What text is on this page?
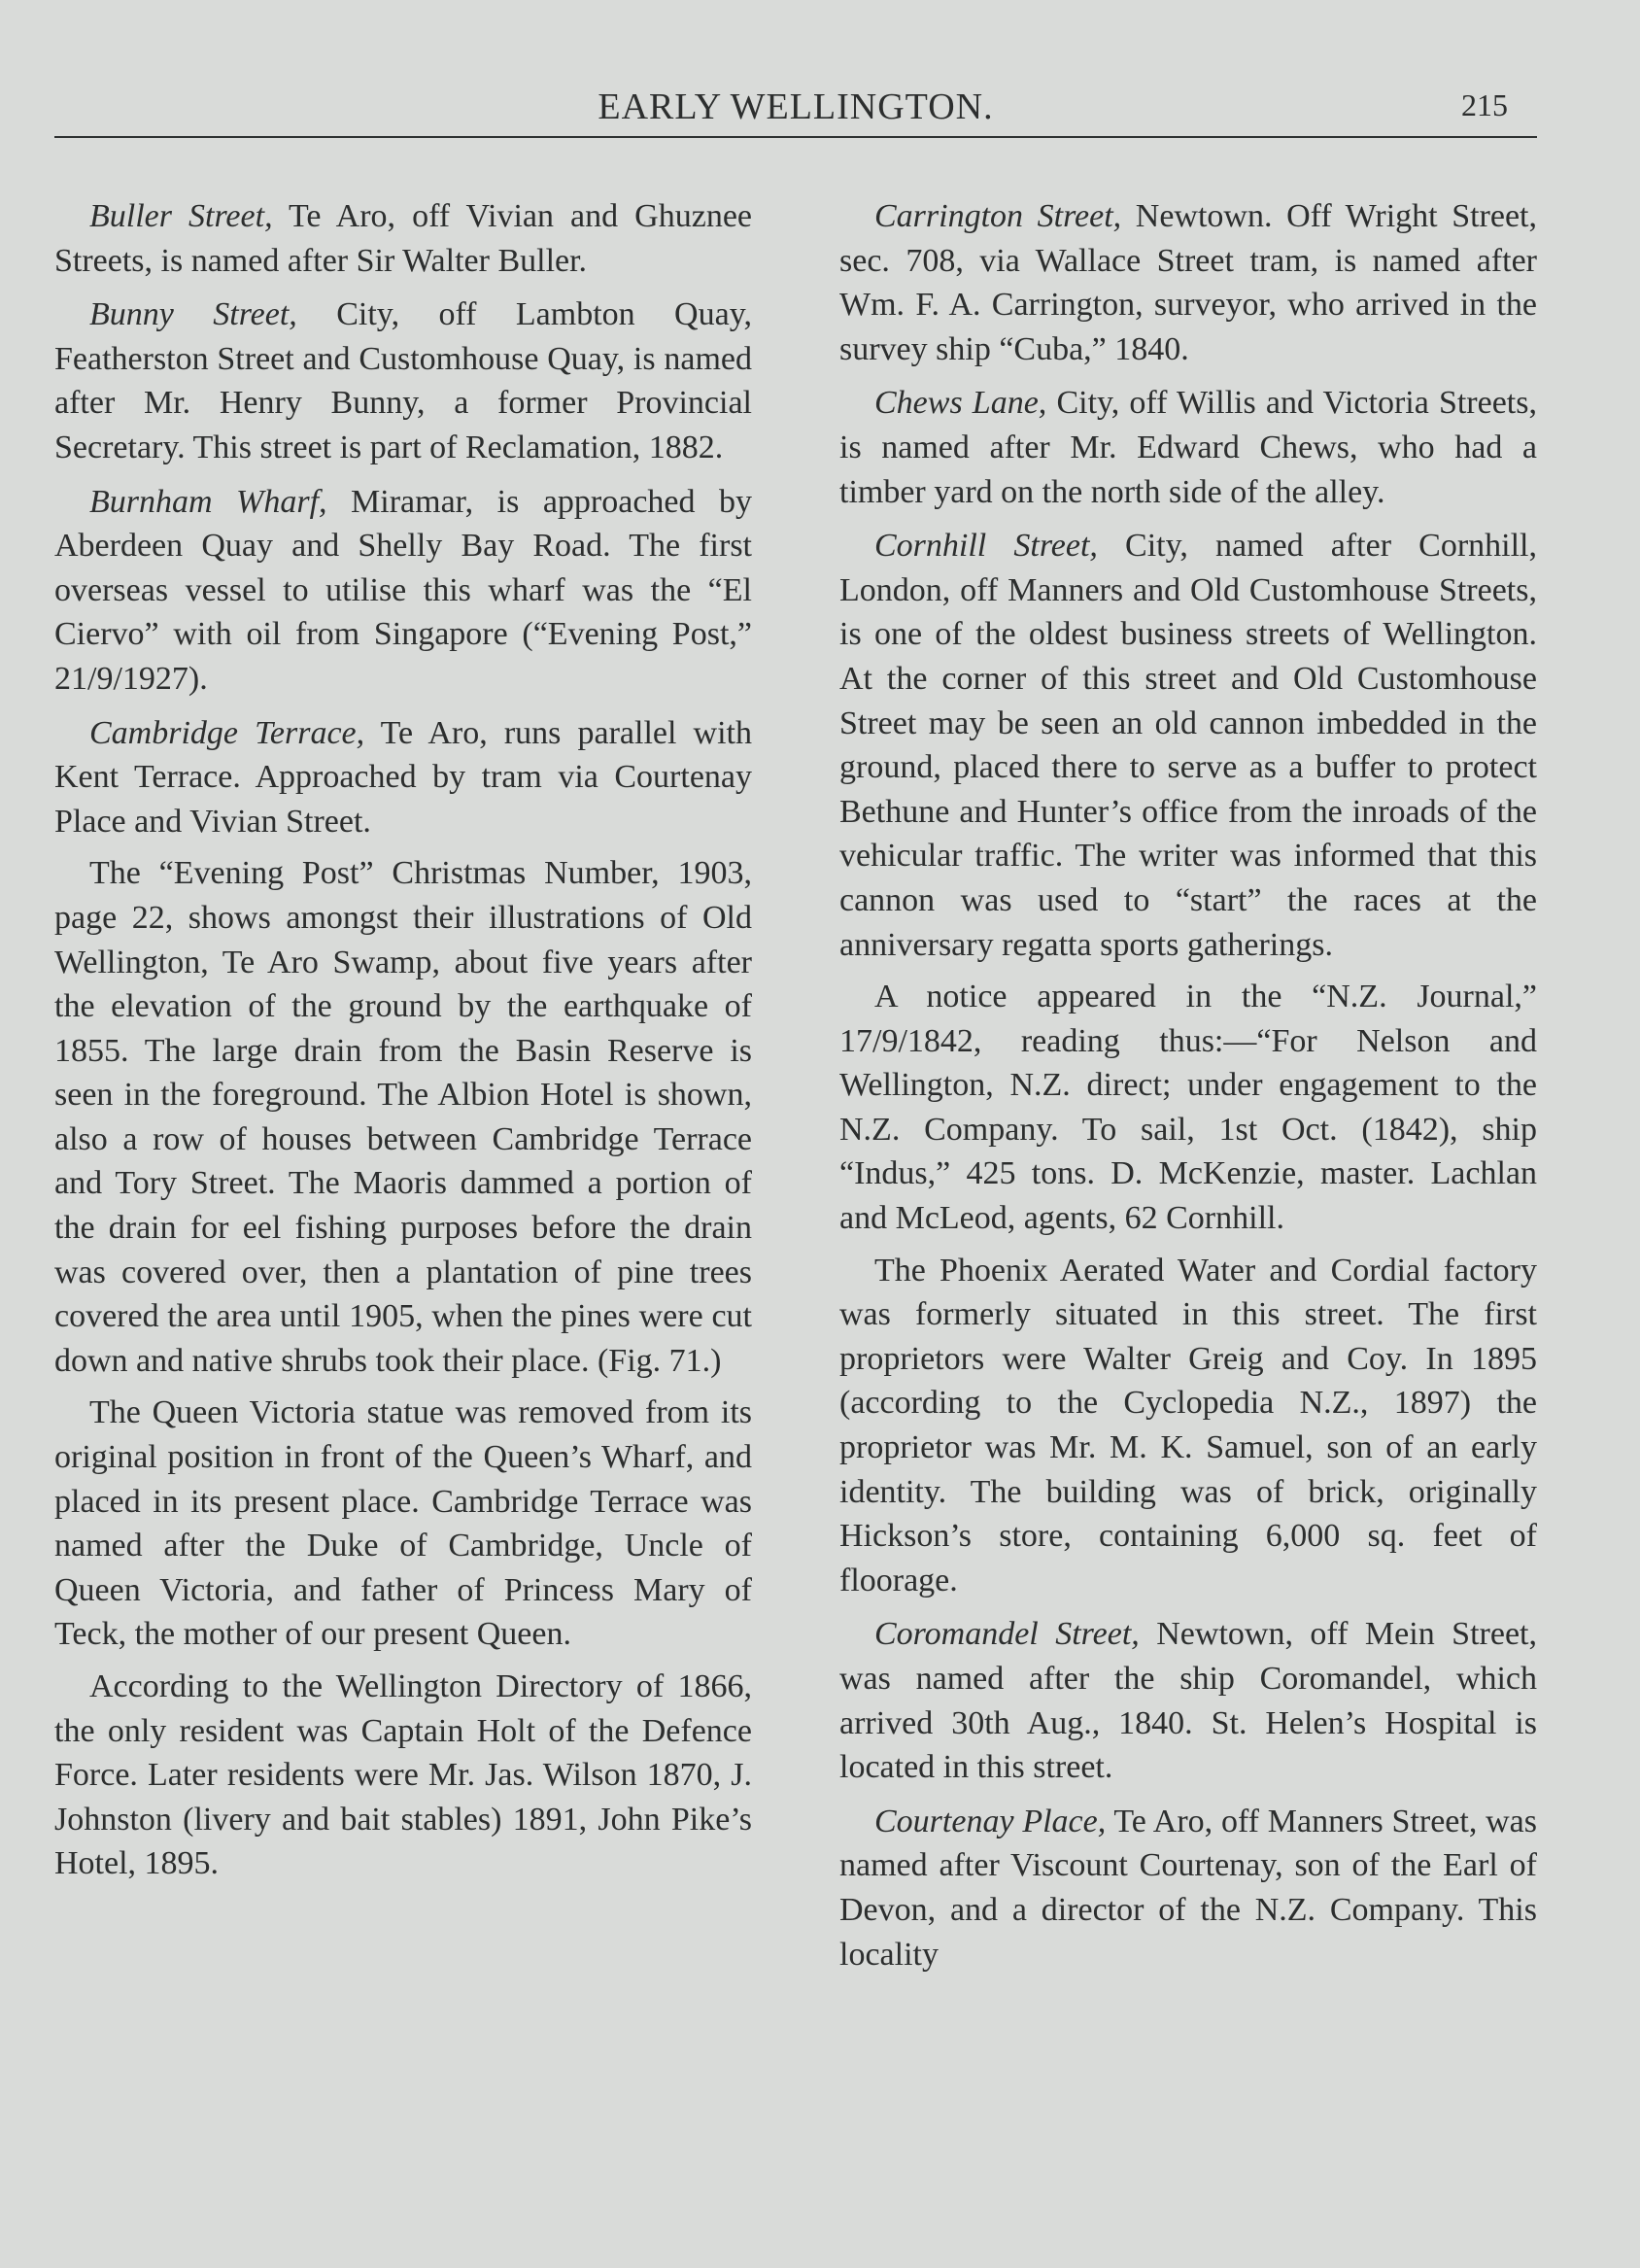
EARLY WELLINGTON.	215

Buller Street, Te Aro, off Vivian and Ghuznee Streets, is named after Sir Walter Buller.

Bunny Street, City, off Lambton Quay, Featherston Street and Customhouse Quay, is named after Mr. Henry Bunny, a former Provincial Secretary. This street is part of Reclamation, 1882.

Burnham Wharf, Miramar, is approached by Aberdeen Quay and Shelly Bay Road. The first overseas vessel to utilise this wharf was the “El Ciervo” with oil from Singapore (“Evening Post,” 21/9/1927).

Cambridge Terrace, Te Aro, runs parallel with Kent Terrace. Approached by tram via Courtenay Place and Vivian Street.

The “Evening Post” Christmas Number, 1903, page 22, shows amongst their illustrations of Old Wellington, Te Aro Swamp, about five years after the elevation of the ground by the earthquake of 1855. The large drain from the Basin Reserve is seen in the foreground. The Albion Hotel is shown, also a row of houses between Cambridge Terrace and Tory Street. The Maoris dammed a portion of the drain for eel fishing purposes before the drain was covered over, then a plantation of pine trees covered the area until 1905, when the pines were cut down and native shrubs took their place. (Fig. 71.)

The Queen Victoria statue was removed from its original position in front of the Queen’s Wharf, and placed in its present place. Cambridge Terrace was named after the Duke of Cambridge, Uncle of Queen Victoria, and father of Princess Mary of Teck, the mother of our present Queen.

According to the Wellington Directory of 1866, the only resident was Captain Holt of the Defence Force. Later residents were Mr. Jas. Wilson 1870, J. Johnston (livery and bait stables) 1891, John Pike’s Hotel, 1895.

Carrington Street, Newtown. Off Wright Street, sec. 708, via Wallace Street tram, is named after Wm. F. A. Carrington, surveyor, who arrived in the survey ship “Cuba,” 1840.

Chews Lane, City, off Willis and Victoria Streets, is named after Mr. Edward Chews, who had a timber yard on the north side of the alley.

Cornhill Street, City, named after Cornhill, London, off Manners and Old Customhouse Streets, is one of the oldest business streets of Wellington. At the corner of this street and Old Customhouse Street may be seen an old cannon imbedded in the ground, placed there to serve as a buffer to protect Bethune and Hunter’s office from the inroads of the vehicular traffic. The writer was informed that this cannon was used to “start” the races at the anniversary regatta sports gatherings.

A notice appeared in the “N.Z. Journal,” 17/9/1842, reading thus:—“For Nelson and Wellington, N.Z. direct; under engagement to the N.Z. Company. To sail, 1st Oct. (1842), ship “Indus,” 425 tons. D. McKenzie, master. Lachlan and McLeod, agents, 62 Cornhill.

The Phoenix Aerated Water and Cordial factory was formerly situated in this street. The first proprietors were Walter Greig and Coy. In 1895 (according to the Cyclopedia N.Z., 1897) the proprietor was Mr. M. K. Samuel, son of an early identity. The building was of brick, originally Hickson’s store, containing 6,000 sq. feet of floorage.

Coromandel Street, Newtown, off Mein Street, was named after the ship Coromandel, which arrived 30th Aug., 1840. St. Helen’s Hospital is located in this street.

Courtenay Place, Te Aro, off Manners Street, was named after Viscount Courtenay, son of the Earl of Devon, and a director of the N.Z. Company. This locality
